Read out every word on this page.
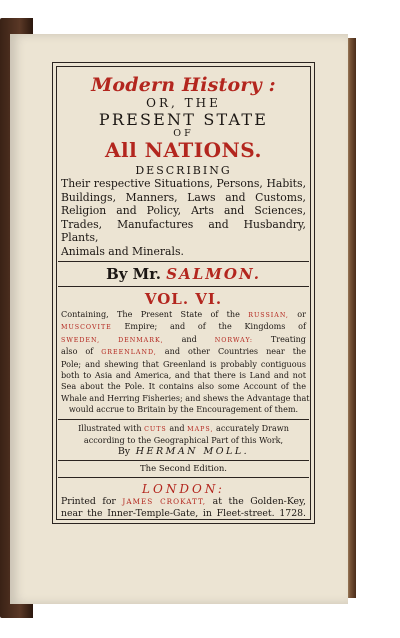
Modern History :
OR, THE
PRESENT STATE
OF
All NATIONS.
DESCRIBING
Their respective Situations, Persons, Habits,
Buildings, Manners, Laws and Customs,
Religion and Policy, Arts and Sciences,
Trades, Manufactures and Husbandry, Plants,
Animals and Minerals.
By Mr. SALMON.
VOL. VI.
Containing, The Present State of the RUSSIAN, or
MUSCOVITE Empire; and of the Kingdoms of
SWEDEN,	DENMARK, and NORWAY: Treating
also of GREENLAND, and other Countries near the
Pole; and shewing that Greenland is probably contiguous
both to Asia and America, and that there is Land and not
Sea about the Pole. It contains also some Account of the
Whale and Herring Fisheries; and shews the Advantage that
would accrue to Britain by the Encouragement of them.
Illustrated with CUTS and MAPS, accurately Drawn
according to the Geographical Part of this Work,
By HERMAN MOLL.
The Second Edition.
LONDON:
Printed for JAMES CROKATT, at the Golden-Key,
near the Inner-Temple-Gate, in Fleet-street. 1728.
